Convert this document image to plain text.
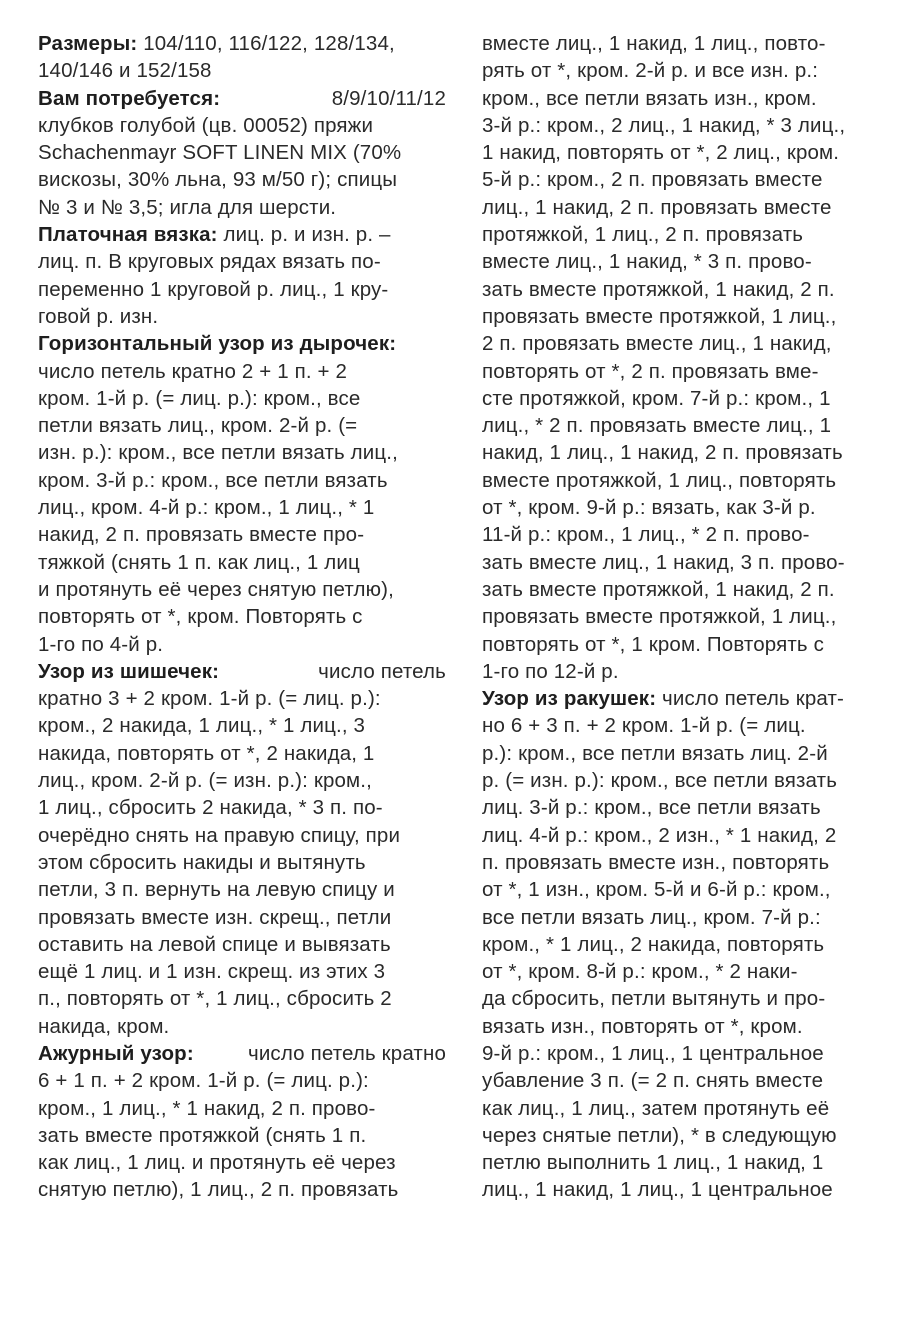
Размеры: 104/110, 116/122, 128/134,
140/146 и 152/158
Вам потребуется:	8/9/10/11/12
клубков голубой (цв. 00052) пряжи
Schachenmayr SOFT LINEN MIX (70%
вискозы, 30% льна, 93 м/50 г); спицы
№ 3 и № 3,5; игла для шерсти.
Платочная вязка: лиц. р. и изн. р. –
лиц. п. В круговых рядах вязать по-
переменно 1 круговой р. лиц., 1 кру-
говой р. изн.
Горизонтальный узор из дырочек:
число петель кратно 2 + 1 п. + 2
кром. 1-й р. (= лиц. р.): кром., все
петли вязать лиц., кром. 2-й р. (=
изн. р.): кром., все петли вязать лиц.,
кром. 3-й р.: кром., все петли вязать
лиц., кром. 4-й р.: кром., 1 лиц., * 1
накид, 2 п. провязать вместе про-
тяжкой (снять 1 п. как лиц., 1 лиц
и протянуть её через снятую петлю),
повторять от *, кром. Повторять с
1-го по 4-й р.
Узор из шишечек:	число петель
кратно 3 + 2 кром. 1-й р. (= лиц. р.):
кром., 2 накида, 1 лиц., * 1 лиц., 3
накида, повторять от *, 2 накида, 1
лиц., кром. 2-й р. (= изн. р.): кром.,
1 лиц., сбросить 2 накида, * 3 п. по-
очерёдно снять на правую спицу, при
этом сбросить накиды и вытянуть
петли, 3 п. вернуть на левую спицу и
провязать вместе изн. скрещ., петли
оставить на левой спице и вывязать
ещё 1 лиц. и 1 изн. скрещ. из этих 3
п., повторять от *, 1 лиц., сбросить 2
накида, кром.
Ажурный узор: число петель кратно
6 + 1 п. + 2 кром. 1-й р. (= лиц. р.):
кром., 1 лиц., * 1 накид, 2 п. прово-
зать вместе протяжкой (снять 1 п.
как лиц., 1 лиц. и протянуть её через
снятую петлю), 1 лиц., 2 п. провязать
вместе лиц., 1 накид, 1 лиц., повто-
рять от *, кром. 2-й р. и все изн. р.:
кром., все петли вязать изн., кром.
3-й р.: кром., 2 лиц., 1 накид, * 3 лиц.,
1 накид, повторять от *, 2 лиц., кром.
5-й р.: кром., 2 п. провязать вместе
лиц., 1 накид, 2 п. провязать вместе
протяжкой, 1 лиц., 2 п. провязать
вместе лиц., 1 накид, * 3 п. прово-
зать вместе протяжкой, 1 накид, 2 п.
провязать вместе протяжкой, 1 лиц.,
2 п. провязать вместе лиц., 1 накид,
повторять от *, 2 п. провязать вме-
сте протяжкой, кром. 7-й р.: кром., 1
лиц., * 2 п. провязать вместе лиц., 1
накид, 1 лиц., 1 накид, 2 п. провязать
вместе протяжкой, 1 лиц., повторять
от *, кром. 9-й р.: вязать, как 3-й р.
11-й р.: кром., 1 лиц., * 2 п. прово-
зать вместе лиц., 1 накид, 3 п. прово-
зать вместе протяжкой, 1 накид, 2 п.
провязать вместе протяжкой, 1 лиц.,
повторять от *, 1 кром. Повторять с
1-го по 12-й р.
Узор из ракушек: число петель крат-
но 6 + 3 п. + 2 кром. 1-й р. (= лиц.
р.): кром., все петли вязать лиц. 2-й
р. (= изн. р.): кром., все петли вязать
лиц. 3-й р.: кром., все петли вязать
лиц. 4-й р.: кром., 2 изн., * 1 накид, 2
п. провязать вместе изн., повторять
от *, 1 изн., кром. 5-й и 6-й р.: кром.,
все петли вязать лиц., кром. 7-й р.:
кром., * 1 лиц., 2 накида, повторять
от *, кром. 8-й р.: кром., * 2 нaки-
да сбросить, петли вытянуть и про-
вязать изн., повторять от *, кром.
9-й р.: кром., 1 лиц., 1 центральное
убавление 3 п. (= 2 п. снять вместе
как лиц., 1 лиц., затем протянуть её
через снятые петли), * в следующую
петлю выполнить 1 лиц., 1 накид, 1
лиц., 1 накид, 1 лиц., 1 центральное
